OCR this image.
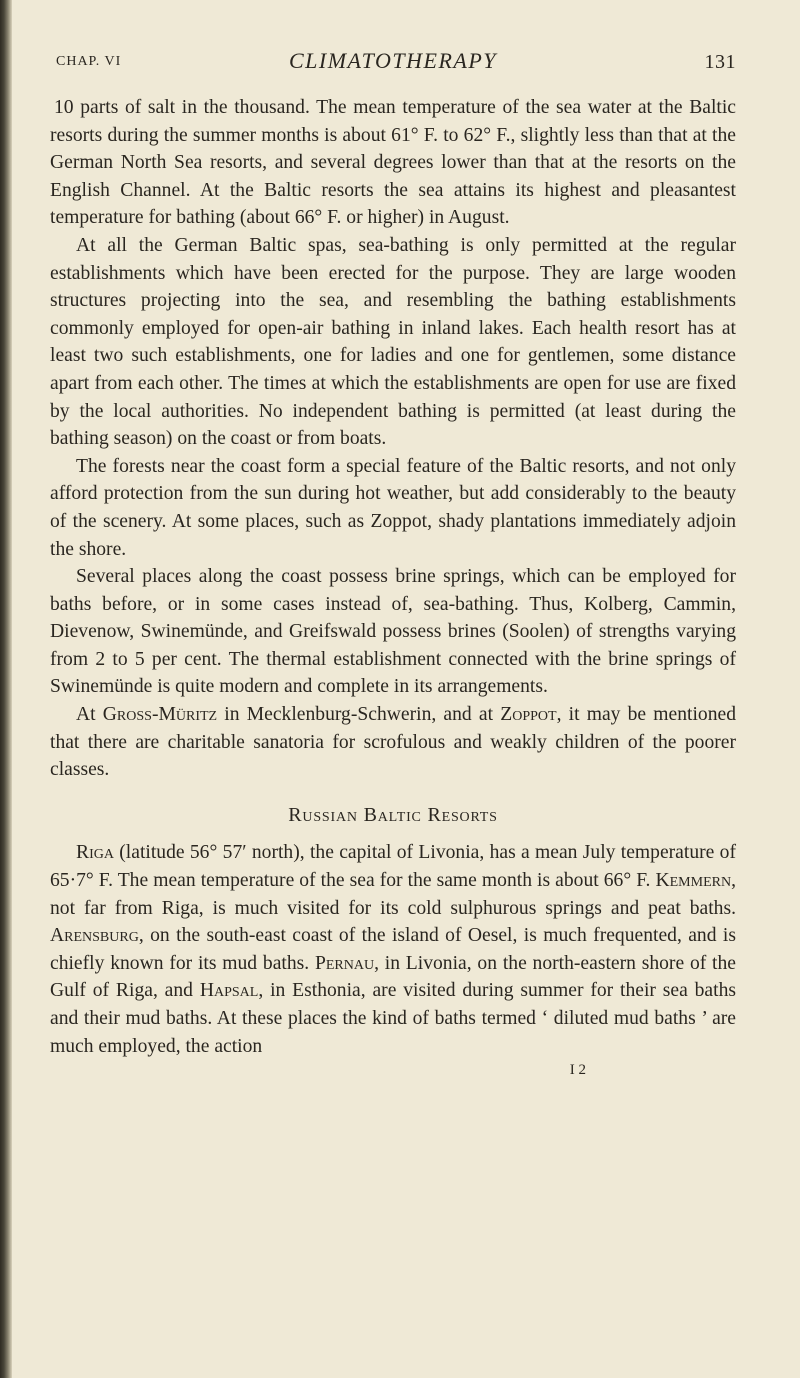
CHAP. VI	CLIMATOTHERAPY	131

10 parts of salt in the thousand. The mean temperature of the sea water at the Baltic resorts during the summer months is about 61° F. to 62° F., slightly less than that at the German North Sea resorts, and several degrees lower than that at the resorts on the English Channel. At the Baltic resorts the sea attains its highest and pleasantest temperature for bathing (about 66° F. or higher) in August.

At all the German Baltic spas, sea-bathing is only permitted at the regular establishments which have been erected for the purpose. They are large wooden structures projecting into the sea, and resembling the bathing establishments commonly employed for open-air bathing in inland lakes. Each health resort has at least two such establishments, one for ladies and one for gentlemen, some distance apart from each other. The times at which the establishments are open for use are fixed by the local authorities. No independent bathing is permitted (at least during the bathing season) on the coast or from boats.

The forests near the coast form a special feature of the Baltic resorts, and not only afford protection from the sun during hot weather, but add considerably to the beauty of the scenery. At some places, such as Zoppot, shady plantations immediately adjoin the shore.

Several places along the coast possess brine springs, which can be employed for baths before, or in some cases instead of, sea-bathing. Thus, Kolberg, Cammin, Dievenow, Swinemünde, and Greifswald possess brines (Soolen) of strengths varying from 2 to 5 per cent. The thermal establishment connected with the brine springs of Swinemünde is quite modern and complete in its arrangements.

At Gross-Müritz in Mecklenburg-Schwerin, and at Zoppot, it may be mentioned that there are charitable sanatoria for scrofulous and weakly children of the poorer classes.

Russian Baltic Resorts

Riga (latitude 56° 57′ north), the capital of Livonia, has a mean July temperature of 65·7° F. The mean temperature of the sea for the same month is about 66° F. Kemmern, not far from Riga, is much visited for its cold sulphurous springs and peat baths. Arensburg, on the south-east coast of the island of Oesel, is much frequented, and is chiefly known for its mud baths. Pernau, in Livonia, on the north-eastern shore of the Gulf of Riga, and Hapsal, in Esthonia, are visited during summer for their sea baths and their mud baths. At these places the kind of baths termed ‘ diluted mud baths ’ are much employed, the action

I 2
